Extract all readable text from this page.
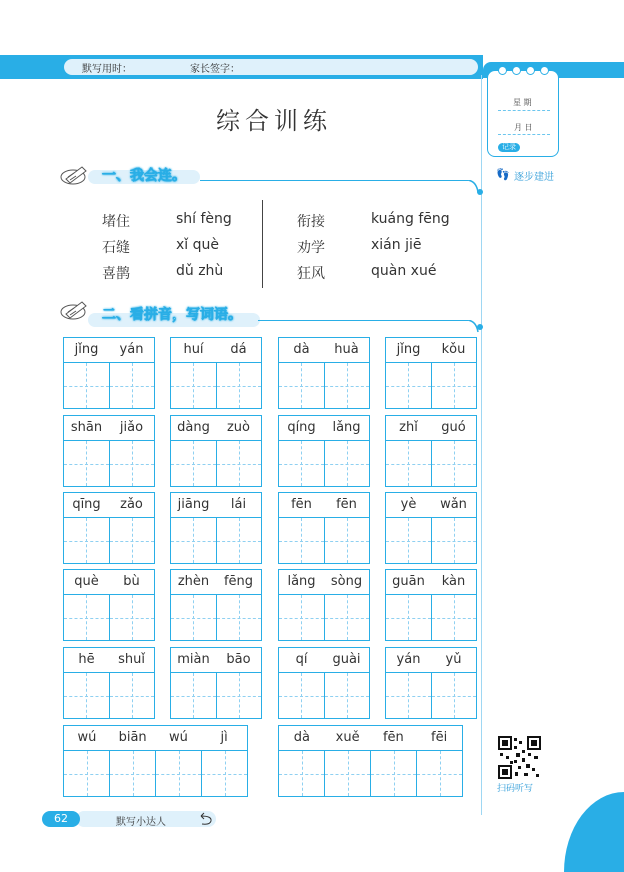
默写用时：	家长签字：
星 期
月 日
记录
👣 逐步建进
综合训练
一、我会连。
堵住
石缝
喜鹊
shí fèng
xǐ què
dǔ zhù
衔接
劝学
狂风
kuáng fēng
xián jiē
quàn xué
二、看拼音，写词语。
jǐng	yán	huí	dá	dà	huà	jǐng	kǒu
shān	jiǎo	dàng	zuò	qíng	lǎng	zhǐ	guó
qīng	zǎo	jiāng	lái	fēn	fēn	yè	wǎn
què	bù	zhèn	fēng	lǎng	sòng	guān	kàn
hē	shuǐ	miàn	bāo	qí	guài	yán	yǔ
wú	biān	wú	jì	dà	xuě	fēn	fēi
扫码听写
62	默写小达人
